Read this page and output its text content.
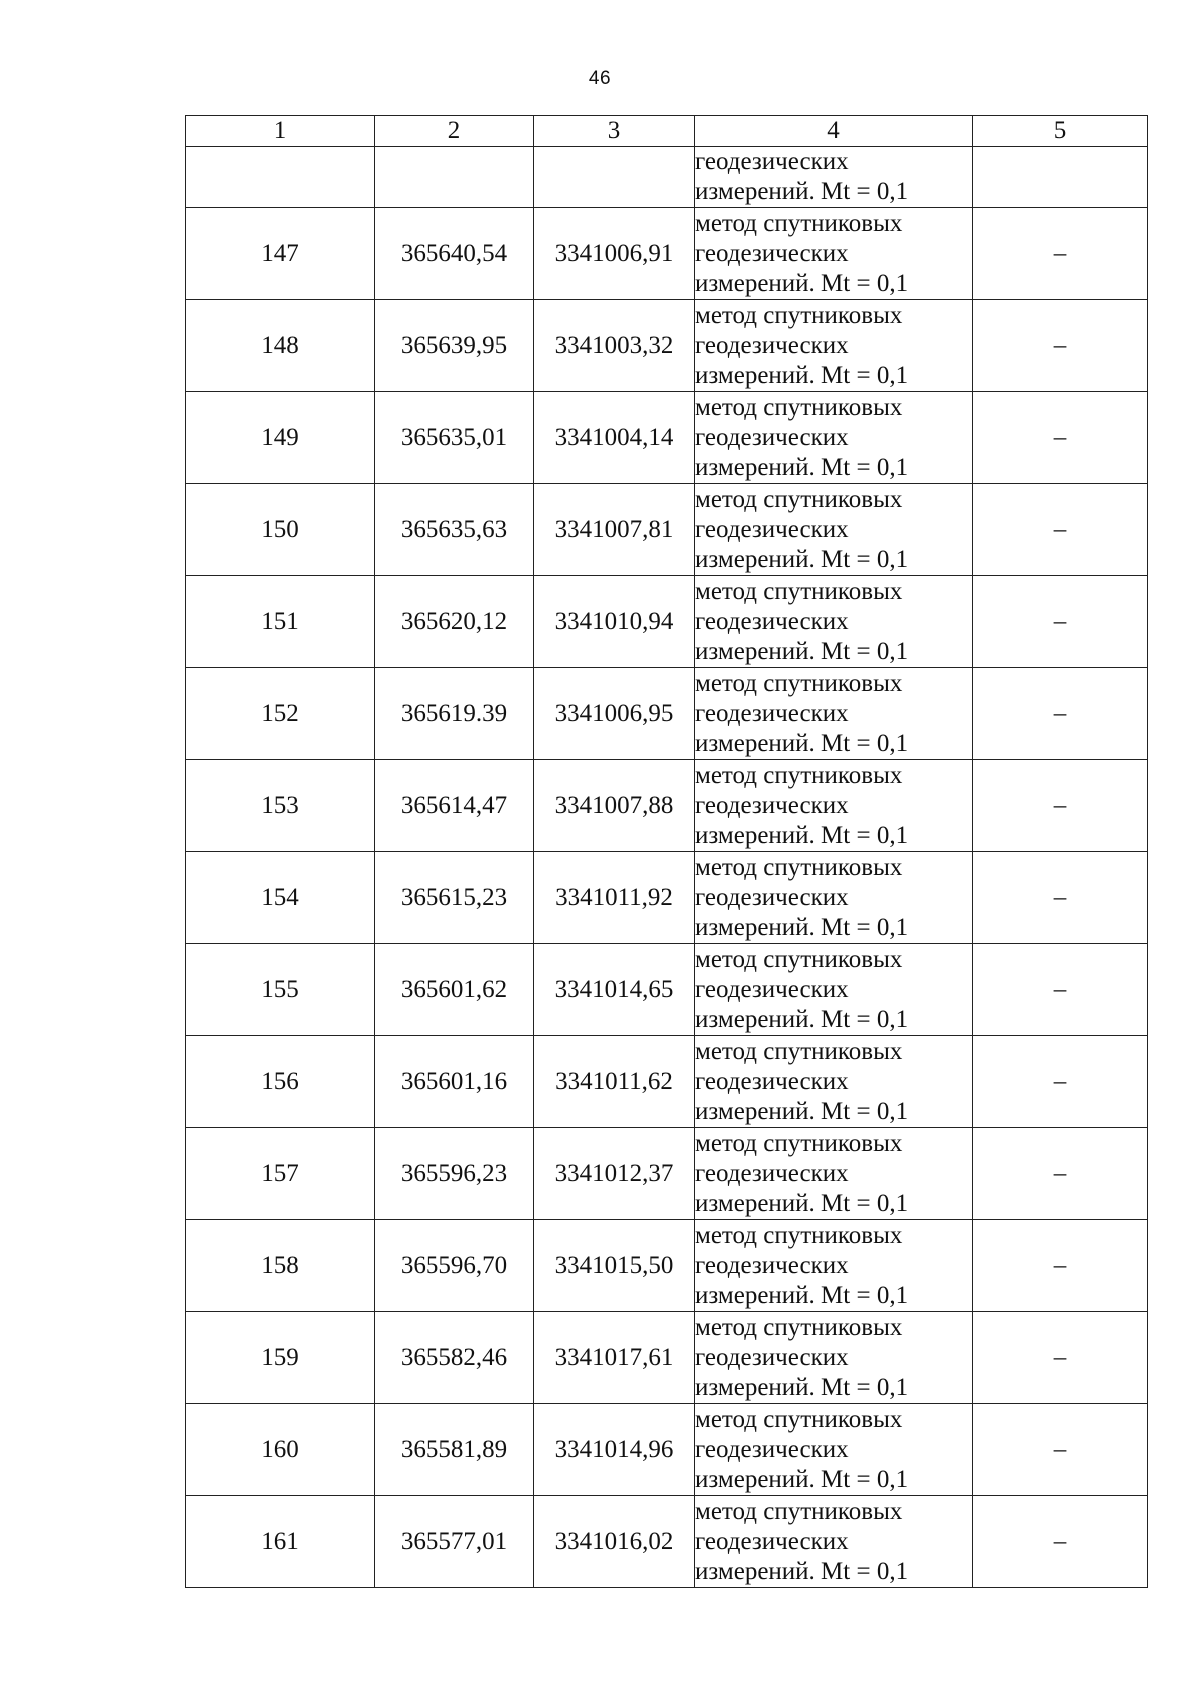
46
1	2	3	4	5

			геодезических
измерений. Mt = 0,1	

147	365640,54	3341006,91	метод спутниковых
геодезических
измерений. Mt = 0,1	–
148	365639,95	3341003,32	метод спутниковых
геодезических
измерений. Mt = 0,1	–
149	365635,01	3341004,14	метод спутниковых
геодезических
измерений. Mt = 0,1	–
150	365635,63	3341007,81	метод спутниковых
геодезических
измерений. Mt = 0,1	–
151	365620,12	3341010,94	метод спутниковых
геодезических
измерений. Mt = 0,1	–
152	365619.39	3341006,95	метод спутниковых
геодезических
измерений. Mt = 0,1	–
153	365614,47	3341007,88	метод спутниковых
геодезических
измерений. Mt = 0,1	–
154	365615,23	3341011,92	метод спутниковых
геодезических
измерений. Mt = 0,1	–
155	365601,62	3341014,65	метод спутниковых
геодезических
измерений. Mt = 0,1	–
156	365601,16	3341011,62	метод спутниковых
геодезических
измерений. Mt = 0,1	–
157	365596,23	3341012,37	метод спутниковых
геодезических
измерений. Mt = 0,1	–
158	365596,70	3341015,50	метод спутниковых
геодезических
измерений. Mt = 0,1	–
159	365582,46	3341017,61	метод спутниковых
геодезических
измерений. Mt = 0,1	–
160	365581,89	3341014,96	метод спутниковых
геодезических
измерений. Mt = 0,1	–
161	365577,01	3341016,02	метод спутниковых
геодезических
измерений. Mt = 0,1	–
